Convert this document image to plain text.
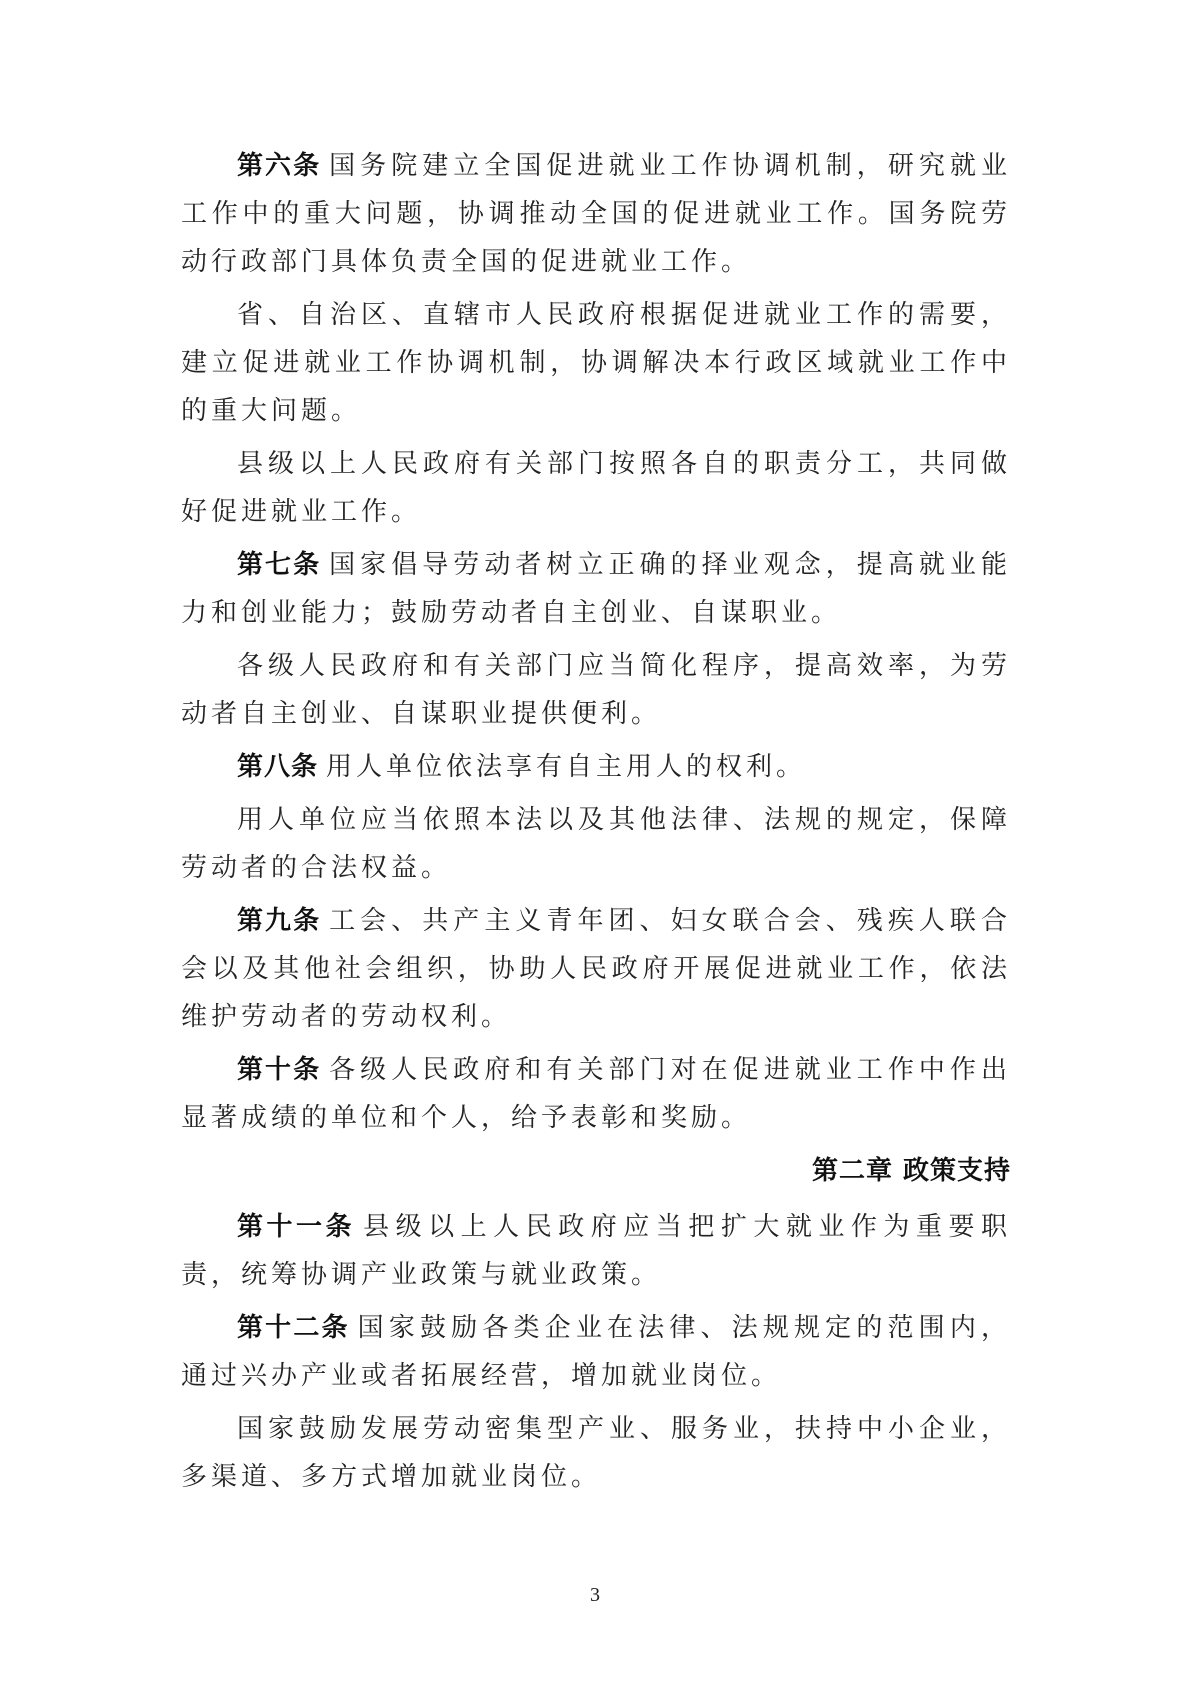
第六条 国务院建立全国促进就业工作协调机制，研究就业工作中的重大问题，协调推动全国的促进就业工作。国务院劳动行政部门具体负责全国的促进就业工作。

省、自治区、直辖市人民政府根据促进就业工作的需要，建立促进就业工作协调机制，协调解决本行政区域就业工作中的重大问题。

县级以上人民政府有关部门按照各自的职责分工，共同做好促进就业工作。

第七条 国家倡导劳动者树立正确的择业观念，提高就业能力和创业能力；鼓励劳动者自主创业、自谋职业。

各级人民政府和有关部门应当简化程序，提高效率，为劳动者自主创业、自谋职业提供便利。

第八条 用人单位依法享有自主用人的权利。

用人单位应当依照本法以及其他法律、法规的规定，保障劳动者的合法权益。

第九条 工会、共产主义青年团、妇女联合会、残疾人联合会以及其他社会组织，协助人民政府开展促进就业工作，依法维护劳动者的劳动权利。

第十条 各级人民政府和有关部门对在促进就业工作中作出显著成绩的单位和个人，给予表彰和奖励。

第二章 政策支持

第十一条 县级以上人民政府应当把扩大就业作为重要职责，统筹协调产业政策与就业政策。

第十二条 国家鼓励各类企业在法律、法规规定的范围内，通过兴办产业或者拓展经营，增加就业岗位。

国家鼓励发展劳动密集型产业、服务业，扶持中小企业，多渠道、多方式增加就业岗位。

3
